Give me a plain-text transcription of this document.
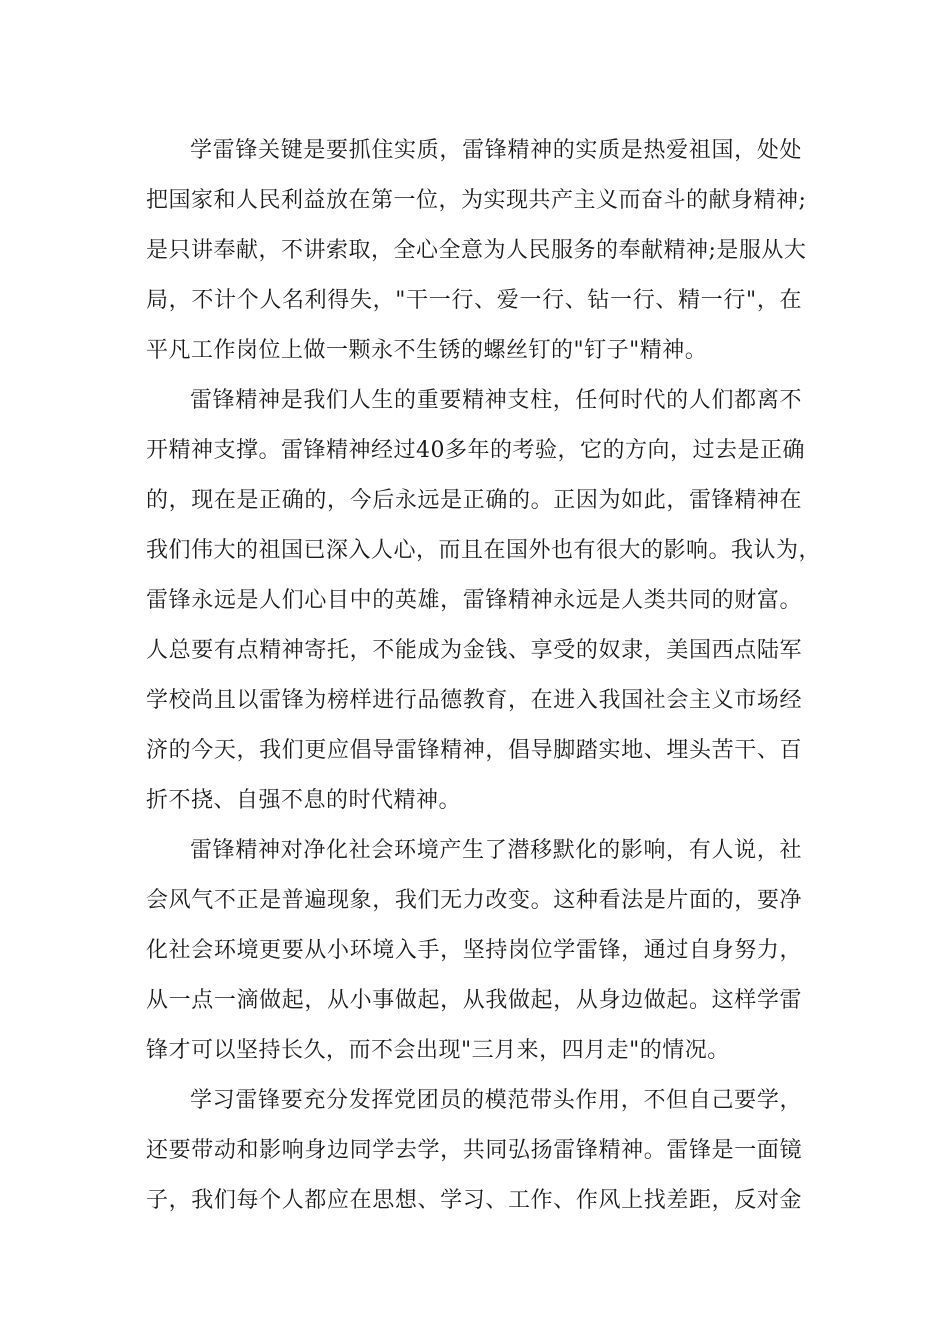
学雷锋关键是要抓住实质，雷锋精神的实质是热爱祖国，处处
把国家和人民利益放在第一位，为实现共产主义而奋斗的献身精神;
是只讲奉献，不讲索取，全心全意为人民服务的奉献精神;是服从大
局，不计个人名利得失，"干一行、爱一行、钻一行、精一行"，在
平凡工作岗位上做一颗永不生锈的螺丝钉的"钉子"精神。
雷锋精神是我们人生的重要精神支柱，任何时代的人们都离不
开精神支撑。雷锋精神经过40多年的考验，它的方向，过去是正确
的，现在是正确的，今后永远是正确的。正因为如此，雷锋精神在
我们伟大的祖国已深入人心，而且在国外也有很大的影响。我认为，
雷锋永远是人们心目中的英雄，雷锋精神永远是人类共同的财富。
人总要有点精神寄托，不能成为金钱、享受的奴隶，美国西点陆军
学校尚且以雷锋为榜样进行品德教育，在进入我国社会主义市场经
济的今天，我们更应倡导雷锋精神，倡导脚踏实地、埋头苦干、百
折不挠、自强不息的时代精神。
雷锋精神对净化社会环境产生了潜移默化的影响，有人说，社
会风气不正是普遍现象，我们无力改变。这种看法是片面的，要净
化社会环境更要从小环境入手，坚持岗位学雷锋，通过自身努力，
从一点一滴做起，从小事做起，从我做起，从身边做起。这样学雷
锋才可以坚持长久，而不会出现"三月来，四月走"的情况。
学习雷锋要充分发挥党团员的模范带头作用，不但自己要学，
还要带动和影响身边同学去学，共同弘扬雷锋精神。雷锋是一面镜
子，我们每个人都应在思想、学习、工作、作风上找差距，反对金
